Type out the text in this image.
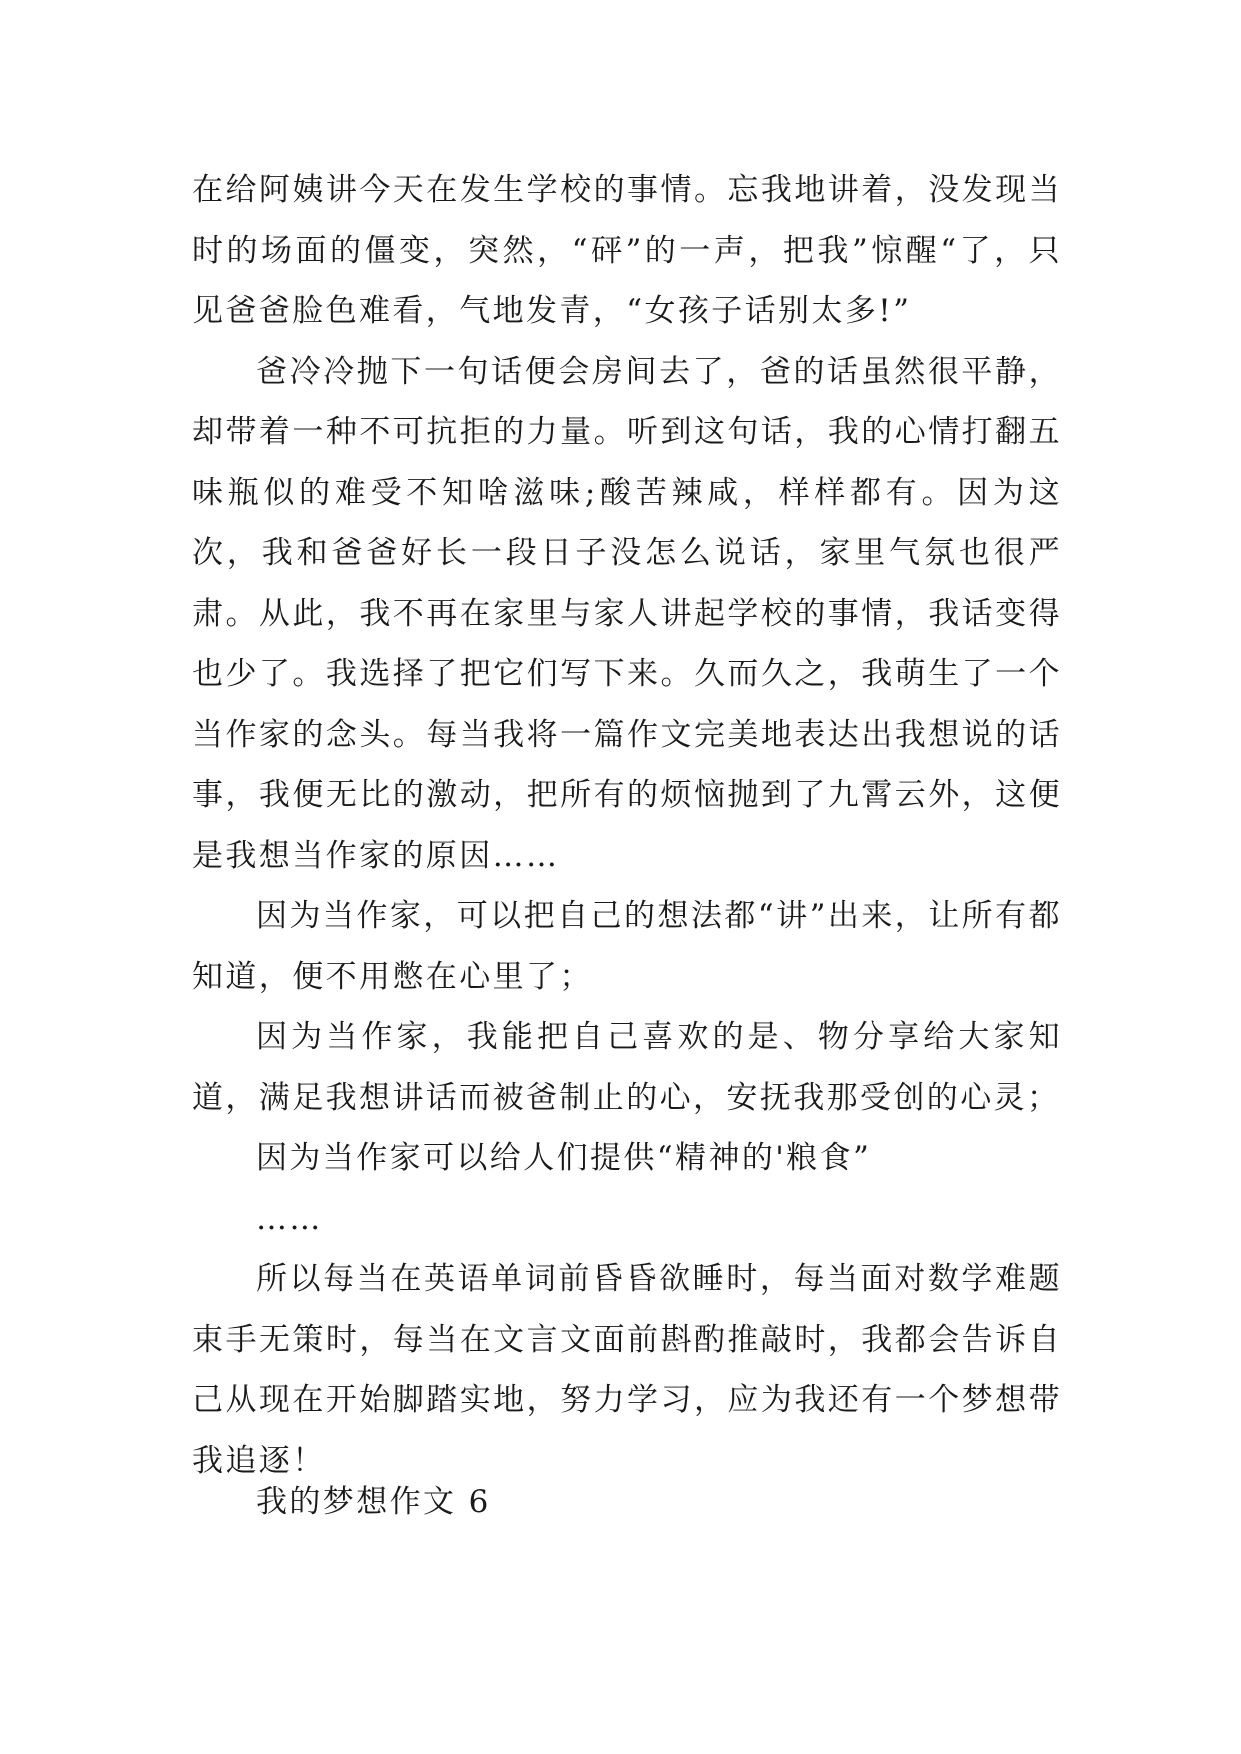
在给阿姨讲今天在发生学校的事情。忘我地讲着，没发现当时的场面的僵变，突然，“砰”的一声，把我”惊醒“了，只见爸爸脸色难看，气地发青，“女孩子话别太多!”

爸冷冷抛下一句话便会房间去了，爸的话虽然很平静，却带着一种不可抗拒的力量。听到这句话，我的心情打翻五味瓶似的难受不知啥滋味;酸苦辣咸，样样都有。因为这次，我和爸爸好长一段日子没怎么说话，家里气氛也很严肃。从此，我不再在家里与家人讲起学校的事情，我话变得也少了。我选择了把它们写下来。久而久之，我萌生了一个当作家的念头。每当我将一篇作文完美地表达出我想说的话事，我便无比的激动，把所有的烦恼抛到了九霄云外，这便是我想当作家的原因……

因为当作家，可以把自己的想法都“讲”出来，让所有都知道，便不用憋在心里了；

因为当作家，我能把自己喜欢的是、物分享给大家知道，满足我想讲话而被爸制止的心，安抚我那受创的心灵；

因为当作家可以给人们提供“精神的'粮食”

……

所以每当在英语单词前昏昏欲睡时，每当面对数学难题束手无策时，每当在文言文面前斟酌推敲时，我都会告诉自己从现在开始脚踏实地，努力学习，应为我还有一个梦想带我追逐！

我的梦想作文 6
